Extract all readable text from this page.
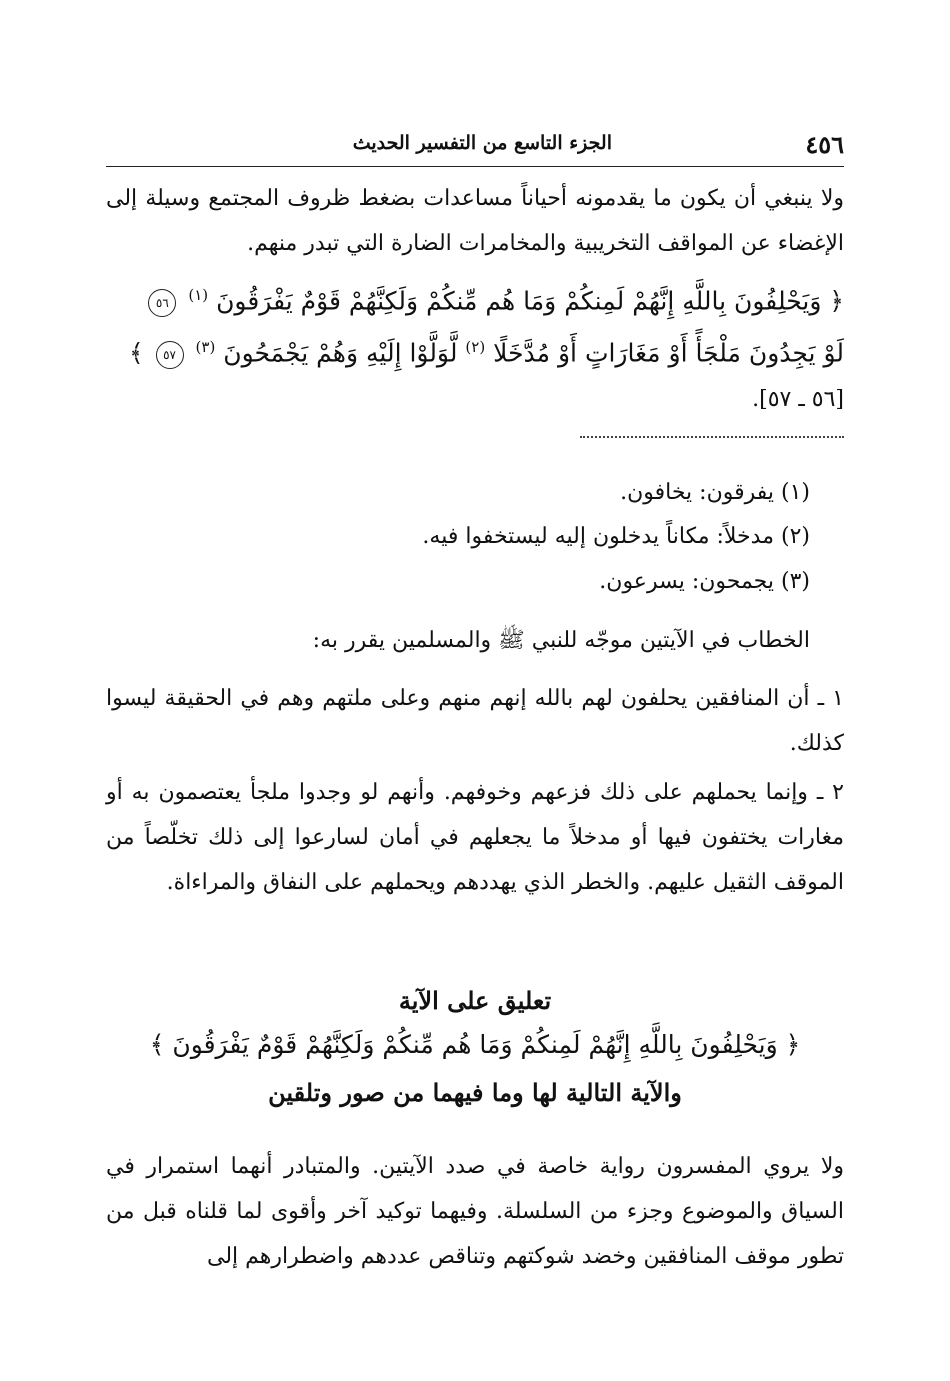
٤٥٦
الجزء التاسع من التفسير الحديث
ولا ينبغي أن يكون ما يقدمونه أحياناً مساعدات بضغط ظروف المجتمع وسيلة إلى الإغضاء عن المواقف التخريبية والمخامرات الضارة التي تبدر منهم.
﴿ وَيَحْلِفُونَ بِاللَّهِ إِنَّهُمْ لَمِنكُمْ وَمَا هُم مِّنكُمْ وَلَكِنَّهُمْ قَوْمٌ يَفْرَقُونَ $^{(١)}$ ٥٦
لَوْ يَجِدُونَ مَلْجَأً أَوْ مَغَارَاتٍ أَوْ مُدَّخَلًا $^{(٢)}$ لَّوَلَّوْا إِلَيْهِ وَهُمْ يَجْمَحُونَ $^{(٣)}$ ٥٧ ﴾
[٥٦ ـ ٥٧].
(١) يفرقون: يخافون.
(٢) مدخلاً: مكاناً يدخلون إليه ليستخفوا فيه.
(٣) يجمحون: يسرعون.
الخطاب في الآيتين موجّه للنبي ﷺ والمسلمين يقرر به:
١ ـ أن المنافقين يحلفون لهم بالله إنهم منهم وعلى ملتهم وهم في الحقيقة ليسوا كذلك.
٢ ـ وإنما يحملهم على ذلك فزعهم وخوفهم. وأنهم لو وجدوا ملجأ يعتصمون به أو مغارات يختفون فيها أو مدخلاً ما يجعلهم في أمان لسارعوا إلى ذلك تخلّصاً من الموقف الثقيل عليهم. والخطر الذي يهددهم ويحملهم على النفاق والمراءاة.
تعليق على الآية
﴿ وَيَحْلِفُونَ بِاللَّهِ إِنَّهُمْ لَمِنكُمْ وَمَا هُم مِّنكُمْ وَلَكِنَّهُمْ قَوْمٌ يَفْرَقُونَ ﴾
والآية التالية لها وما فيهما من صور وتلقين
ولا يروي المفسرون رواية خاصة في صدد الآيتين. والمتبادر أنهما استمرار في السياق والموضوع وجزء من السلسلة. وفيهما توكيد آخر وأقوى لما قلناه قبل من تطور موقف المنافقين وخضد شوكتهم وتناقص عددهم واضطرارهم إلى
